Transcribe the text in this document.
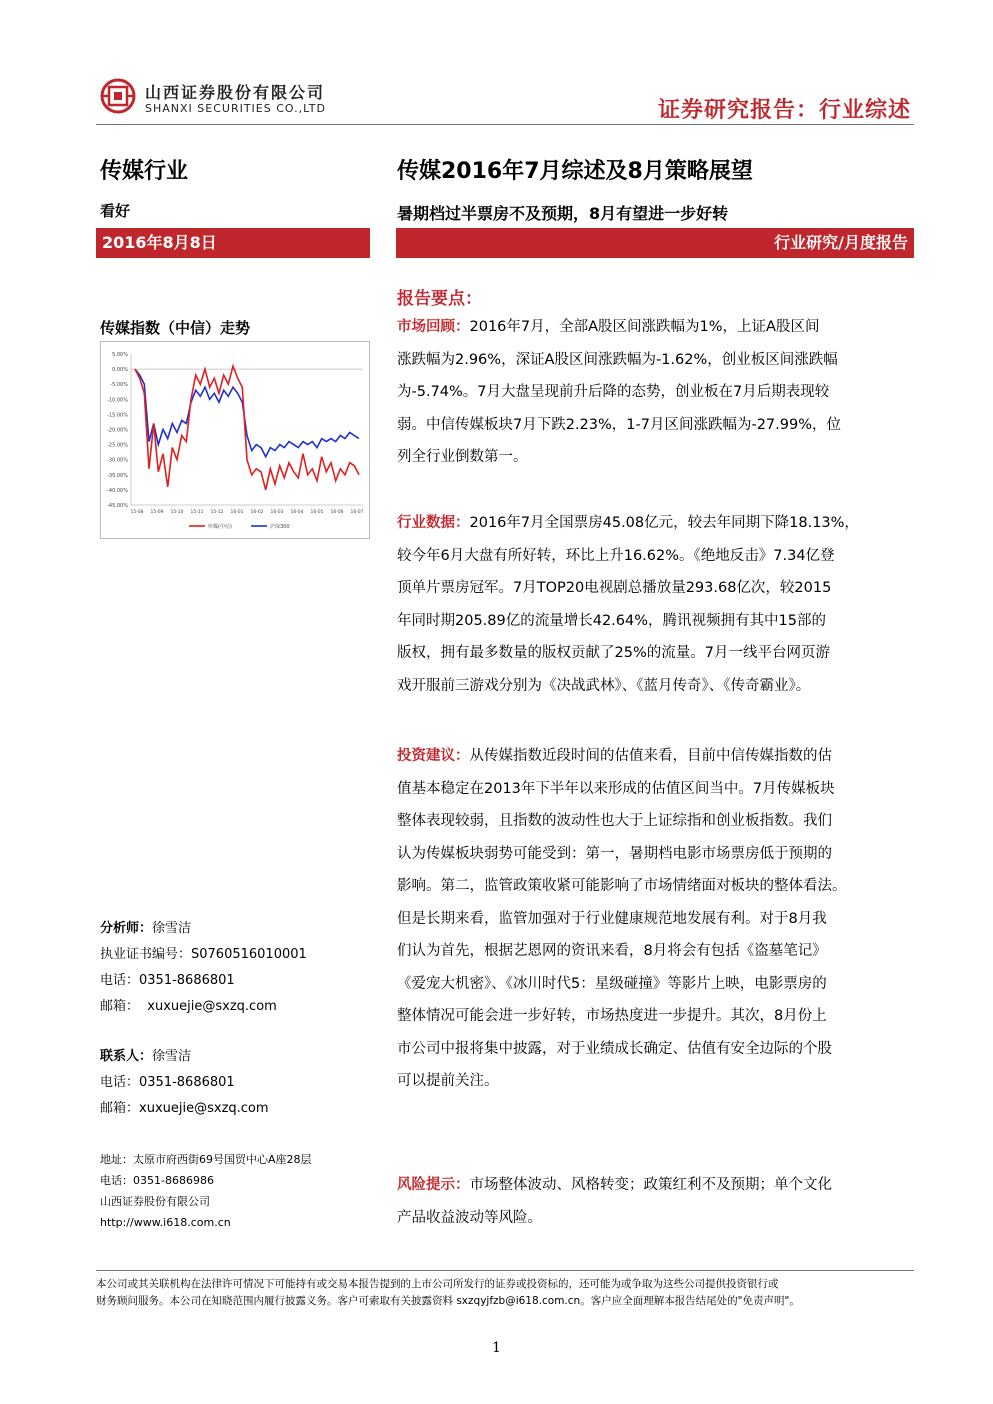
山西证券股份有限公司
SHANXI SECURITIES CO.,LTD	证券研究报告：行业综述
传媒行业
看好
2016年8月8日
传媒指数（中信）走势
5.00%
0.00%
-5.00%
-10.00%
-15.00%
-20.00%
-25.00%
-30.00%
-35.00%
-40.00%
-45.00%
15-08 15-09 15-10 15-11 15-12 16-01 16-02 16-03 16-04 16-05 16-06 16-07
传媒(中信)	沪深300
传媒2016年7月综述及8月策略展望
暑期档过半票房不及预期，8月有望进一步好转
行业研究/月度报告
报告要点：
市场回顾：2016年7月，全部A股区间涨跌幅为1%，上证A股区间
涨跌幅为2.96%，深证A股区间涨跌幅为-1.62%，创业板区间涨跌幅
为-5.74%。7月大盘呈现前升后降的态势，创业板在7月后期表现较
弱。中信传媒板块7月下跌2.23%，1-7月区间涨跌幅为-27.99%，位
列全行业倒数第一。
行业数据：2016年7月全国票房45.08亿元，较去年同期下降18.13%，
较今年6月大盘有所好转，环比上升16.62%。《绝地反击》7.34亿登
顶单片票房冠军。7月TOP20电视剧总播放量293.68亿次，较2015
年同时期205.89亿的流量增长42.64%，腾讯视频拥有其中15部的
版权，拥有最多数量的版权贡献了25%的流量。7月一线平台网页游
戏开服前三游戏分别为《决战武林》、《蓝月传奇》、《传奇霸业》。
投资建议：从传媒指数近段时间的估值来看，目前中信传媒指数的估
值基本稳定在2013年下半年以来形成的估值区间当中。7月传媒板块
整体表现较弱，且指数的波动性也大于上证综指和创业板指数。我们
认为传媒板块弱势可能受到：第一，暑期档电影市场票房低于预期的
影响。第二，监管政策收紧可能影响了市场情绪面对板块的整体看法。
但是长期来看，监管加强对于行业健康规范地发展有利。对于8月我
们认为首先，根据艺恩网的资讯来看，8月将会有包括《盗墓笔记》
《爱宠大机密》、《冰川时代5：星级碰撞》等影片上映，电影票房的
整体情况可能会进一步好转，市场热度进一步提升。其次，8月份上
市公司中报将集中披露，对于业绩成长确定、估值有安全边际的个股
可以提前关注。
风险提示：市场整体波动、风格转变；政策红利不及预期；单个文化
产品收益波动等风险。
分析师：徐雪洁
执业证书编号：S0760516010001
电话：0351-8686801
邮箱： xuxuejie@sxzq.com
联系人：徐雪洁
电话：0351-8686801
邮箱：xuxuejie@sxzq.com
地址：太原市府西街69号国贸中心A座28层
电话：0351-8686986
山西证券股份有限公司
http://www.i618.com.cn
本公司或其关联机构在法律许可情况下可能持有或交易本报告提到的上市公司所发行的证券或投资标的，还可能为或争取为这些公司提供投资银行或
财务顾问服务。本公司在知晓范围内履行披露义务。客户可索取有关披露资料 sxzqyjfzb@i618.com.cn。客户应全面理解本报告结尾处的"免责声明"。
1
